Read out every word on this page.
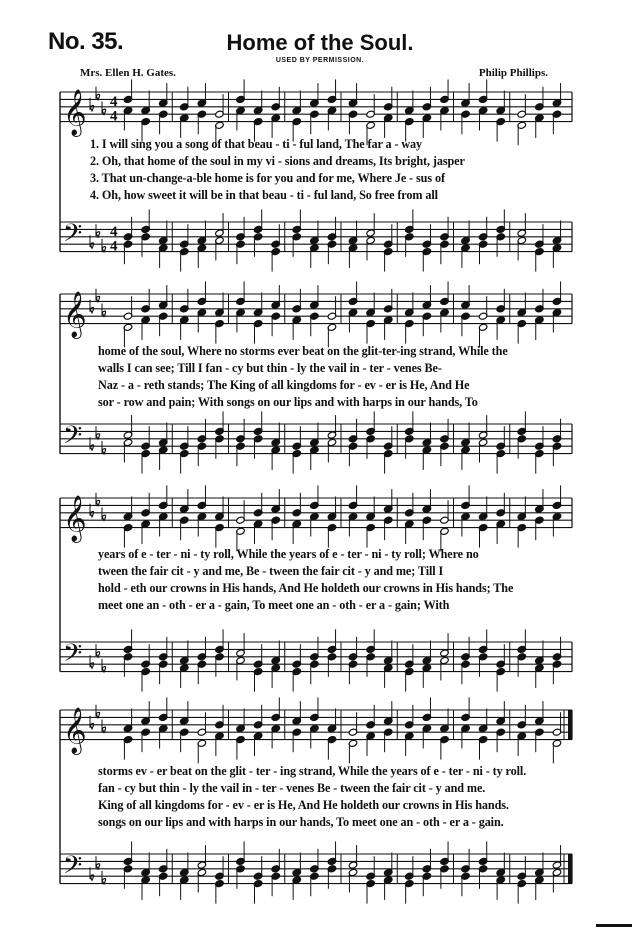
No. 35.	Home of the Soul.
USED BY PERMISSION.
Mrs. Ellen H. Gates.	Philip Phillips.
𝄞 4
4
𝄢 4
4
1. I will sing you a song of that beau - ti - ful land, The far a - way
2. Oh, that home of the soul in my vi - sions and dreams, Its bright, jasper
3. That un-change-a-ble home is for you and for me, Where Je - sus of
4. Oh, how sweet it will be in that beau - ti - ful land, So free from all
𝄞
𝄢
home of the soul, Where no storms ever beat on the glit-ter-ing strand, While the
walls I can see; Till I fan - cy but thin - ly the vail in - ter - venes Be-
Naz - a - reth stands; The King of all kingdoms for - ev - er is He, And He
sor - row and pain; With songs on our lips and with harps in our hands, To
𝄞
𝄢
years of e - ter - ni - ty roll, While the years of e - ter - ni - ty roll; Where no
tween the fair cit - y and me, Be - tween the fair cit - y and me; Till I
hold - eth our crowns in His hands, And He holdeth our crowns in His hands; The
meet one an - oth - er a - gain, To meet one an - oth - er a - gain; With
𝄞
𝄢
storms ev - er beat on the glit - ter - ing strand, While the years of e - ter - ni - ty roll.
fan - cy but thin - ly the vail in - ter - venes Be - tween the fair cit - y and me.
King of all kingdoms for - ev - er is He, And He holdeth our crowns in His hands.
songs on our lips and with harps in our hands, To meet one an - oth - er a - gain.
